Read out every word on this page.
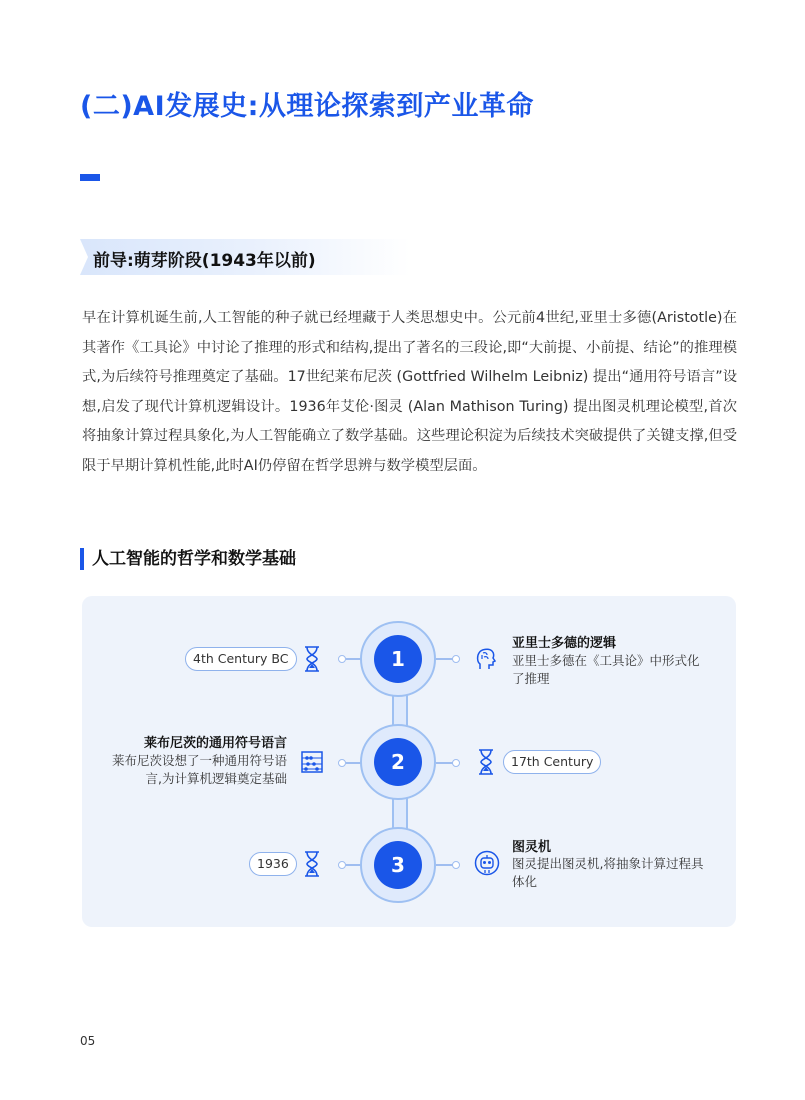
(二)AI发展史:从理论探索到产业革命
前导:萌芽阶段(1943年以前)
早在计算机诞生前,人工智能的种子就已经埋藏于人类思想史中。公元前4世纪,亚里士多德(Aristotle)在其著作《工具论》中讨论了推理的形式和结构,提出了著名的三段论,即“大前提、小前提、结论”的推理模式,为后续符号推理奠定了基础。17世纪莱布尼茨 (Gottfried Wilhelm Leibniz) 提出“通用符号语言”设想,启发了现代计算机逻辑设计。1936年艾伦·图灵 (Alan Mathison Turing) 提出图灵机理论模型,首次将抽象计算过程具象化,为人工智能确立了数学基础。这些理论积淀为后续技术突破提供了关键支撑,但受限于早期计算机性能,此时AI仍停留在哲学思辨与数学模型层面。
人工智能的哲学和数学基础
4th Century BC	1
亚里士多德的逻辑
亚里士多德在《工具论》中形式化了推理
莱布尼茨的通用符号语言
莱布尼茨设想了一种通用符号语言,为计算机逻辑奠定基础
2	17th Century
1936	3
图灵机
图灵提出图灵机,将抽象计算过程具体化
05
